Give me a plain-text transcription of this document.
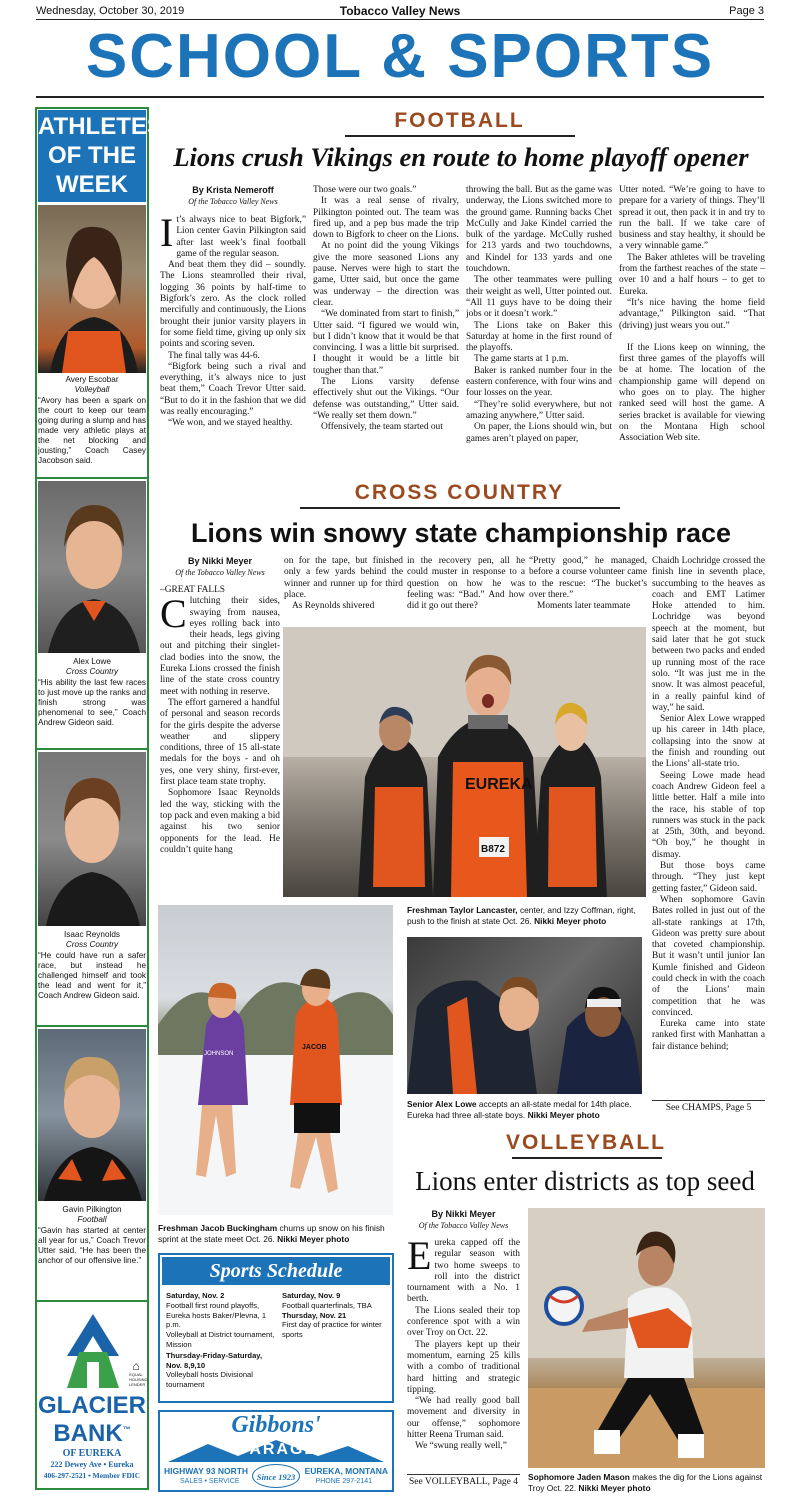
Wednesday, October 30, 2019	Tobacco Valley News	Page 3
SCHOOL & SPORTS
ATHLETES
OF THE
WEEK
Avery Escobar
Volleyball
“Avory has been a spark on the court to keep our team going during a slump and has made very athletic plays at the net blocking and jousting,” Coach Casey Jacobson said.
Alex Lowe
Cross Country
“His ability the last few races to just move up the ranks and finish strong was phenomenal to see,” Coach Andrew Gideon said.
Isaac Reynolds
Cross Country
“He could have run a safer race, but instead he challenged himself and took the lead and went for it,” Coach Andrew Gideon said.
Gavin Pilkington
Football
“Gavin has started at center all year for us,” Coach Trevor Utter said. “He has been the anchor of our offensive line.”
⌂
EQUAL HOUSING LENDER
GLACIER
BANK™
OF EUREKA
222 Dewey Ave • Eureka
406-297-2521 • Member FDIC
FOOTBALL
Lions crush Vikings en route to home playoff opener
By Krista Nemeroff
Of the Tobacco Valley News
I t’s always nice to beat Bigfork,” Lion center Gavin Pilkington said after last week’s final football game of the regular season.

And beat them they did – soundly. The Lions steamrolled their rival, logging 36 points by half-time to Bigfork’s zero. As the clock rolled mercifully and continuously, the Lions brought their junior varsity players in for some field time, giving up only six points and scoring seven.

The final tally was 44-6.

“Bigfork being such a rival and everything, it’s always nice to just beat them,” Coach Trevor Utter said. “But to do it in the fashion that we did was really encouraging.”

“We won, and we stayed healthy.

Those were our two goals.”

It was a real sense of rivalry, Pilkington pointed out. The team was fired up, and a pep bus made the trip down to Bigfork to cheer on the Lions.

At no point did the young Vikings give the more seasoned Lions any pause. Nerves were high to start the game, Utter said, but once the game was underway – the direction was clear.

“We dominated from start to finish,” Utter said. “I figured we would win, but I didn’t know that it would be that convincing. I was a little bit surprised. I thought it would be a little bit tougher than that.”

The Lions varsity defense effectively shut out the Vikings. “Our defense was outstanding,” Utter said. “We really set them down.”

Offensively, the team started out

throwing the ball. But as the game was underway, the Lions switched more to the ground game. Running backs Chet McCully and Jake Kindel carried the bulk of the yardage. McCully rushed for 213 yards and two touchdowns, and Kindel for 133 yards and one touchdown.

The other teammates were pulling their weight as well, Utter pointed out. “All 11 guys have to be doing their jobs or it doesn’t work.”

The Lions take on Baker this Saturday at home in the first round of the playoffs.

The game starts at 1 p.m.

Baker is ranked number four in the eastern conference, with four wins and four losses on the year.

“They’re solid everywhere, but not amazing anywhere,” Utter said.

On paper, the Lions should win, but games aren’t played on paper,

Utter noted. “We’re going to have to prepare for a variety of things. They’ll spread it out, then pack it in and try to run the ball. If we take care of business and stay healthy, it should be a very winnable game.”

The Baker athletes will be traveling from the farthest reaches of the state – over 10 and a half hours – to get to Eureka.

“It’s nice having the home field advantage,” Pilkington said. “That (driving) just wears you out.”

If the Lions keep on winning, the first three games of the playoffs will be at home. The location of the championship game will depend on who goes on to play. The higher ranked seed will host the game. A series bracket is available for viewing on the Montana High school Association Web site.

CROSS COUNTRY
Lions win snowy state championship race
By Nikki Meyer
Of the Tobacco Valley News

–GREAT FALLS

C lutching their sides, swaying from nausea, eyes rolling back into their heads, legs giving out and pitching their singlet-clad bodies into the snow, the Eureka Lions crossed the finish line of the state cross country meet with nothing in reserve.

The effort garnered a handful of personal and season records for the girls despite the adverse weather and slippery conditions, three of 15 all-state medals for the boys - and oh yes, one very shiny, first-ever, first place team state trophy.

Sophomore Isaac Reynolds led the way, sticking with the top pack and even making a bid against his two senior opponents for the lead. He couldn’t quite hang

on for the tape, but finished only a few yards behind the winner and runner up for third place.

As Reynolds shivered

in the recovery pen, all he could muster in response to a question on how he was feeling was: “Bad.” And how did it go out there?

“Pretty good,” he managed, before a course volunteer came to the rescue: “The bucket’s over there.”

Moments later teammate

Chaidh Lochridge crossed the finish line in seventh place, succumbing to the heaves as coach and EMT Latimer Hoke attended to him. Lochridge was beyond speech at the moment, but said later that he got stuck between two packs and ended up running most of the race solo. “It was just me in the snow. It was almost peaceful, in a really painful kind of way,” he said.

Senior Alex Lowe wrapped up his career in 14th place, collapsing into the snow at the finish and rounding out the Lions’ all-state trio.

Seeing Lowe made head coach Andrew Gideon feel a little better. Half a mile into the race, his stable of top runners was stuck in the pack at 25th, 30th, and beyond. “Oh boy,” he thought in dismay.

But those boys came through. “They just kept getting faster,” Gideon said.

When sophomore Gavin Bates rolled in just out of the all-state rankings at 17th, Gideon was pretty sure about that coveted championship. But it wasn’t until junior Ian Kumle finished and Gideon could check in with the coach of the Lions’ main competition that he was convinced.

Eureka came into state ranked first with Manhattan a fair distance behind;

See CHAMPS, Page 5
EUREKA
B872
Freshman Taylor Lancaster, center, and Izzy Coffman, right, push to the finish at state Oct. 26. Nikki Meyer photo
JOHNSON
JACOB
Freshman Jacob Buckingham churns up snow on his finish sprint at the state meet Oct. 26. Nikki Meyer photo
Senior Alex Lowe accepts an all-state medal for 14th place. Eureka had three all-state boys. Nikki Meyer photo
Sports Schedule
Saturday, Nov. 2
Football first round playoffs, Eureka hosts Baker/Plevna, 1 p.m.
Volleyball at District tournament, Mission
Thursday-Friday-Saturday, Nov. 8,9,10
Volleyball hosts Divisional tournament
Saturday, Nov. 9
Football quarterfinals, TBA
Thursday, Nov. 21
First day of practice for winter sports
Gibbons'
GARAGE
HIGHWAY 93 NORTH	EUREKA, MONTANA
Since 1923
SALES • SERVICE	PHONE 297-2141
VOLLEYBALL
Lions enter districts as top seed
By Nikki Meyer
Of the Tobacco Valley News
E ureka capped off the regular season with two home sweeps to roll into the district tournament with a No. 1 berth.

The Lions sealed their top conference spot with a win over Troy on Oct. 22.

The players kept up their momentum, earning 25 kills with a combo of traditional hard hitting and strategic tipping.

“We had really good ball movement and diversity in our offense,” sophomore hitter Reena Truman said.

We “swung really well,”

See VOLLEYBALL, Page 4 Sophomore Jaden Mason makes the dig for the Lions against Troy Oct. 22. Nikki Meyer photo
